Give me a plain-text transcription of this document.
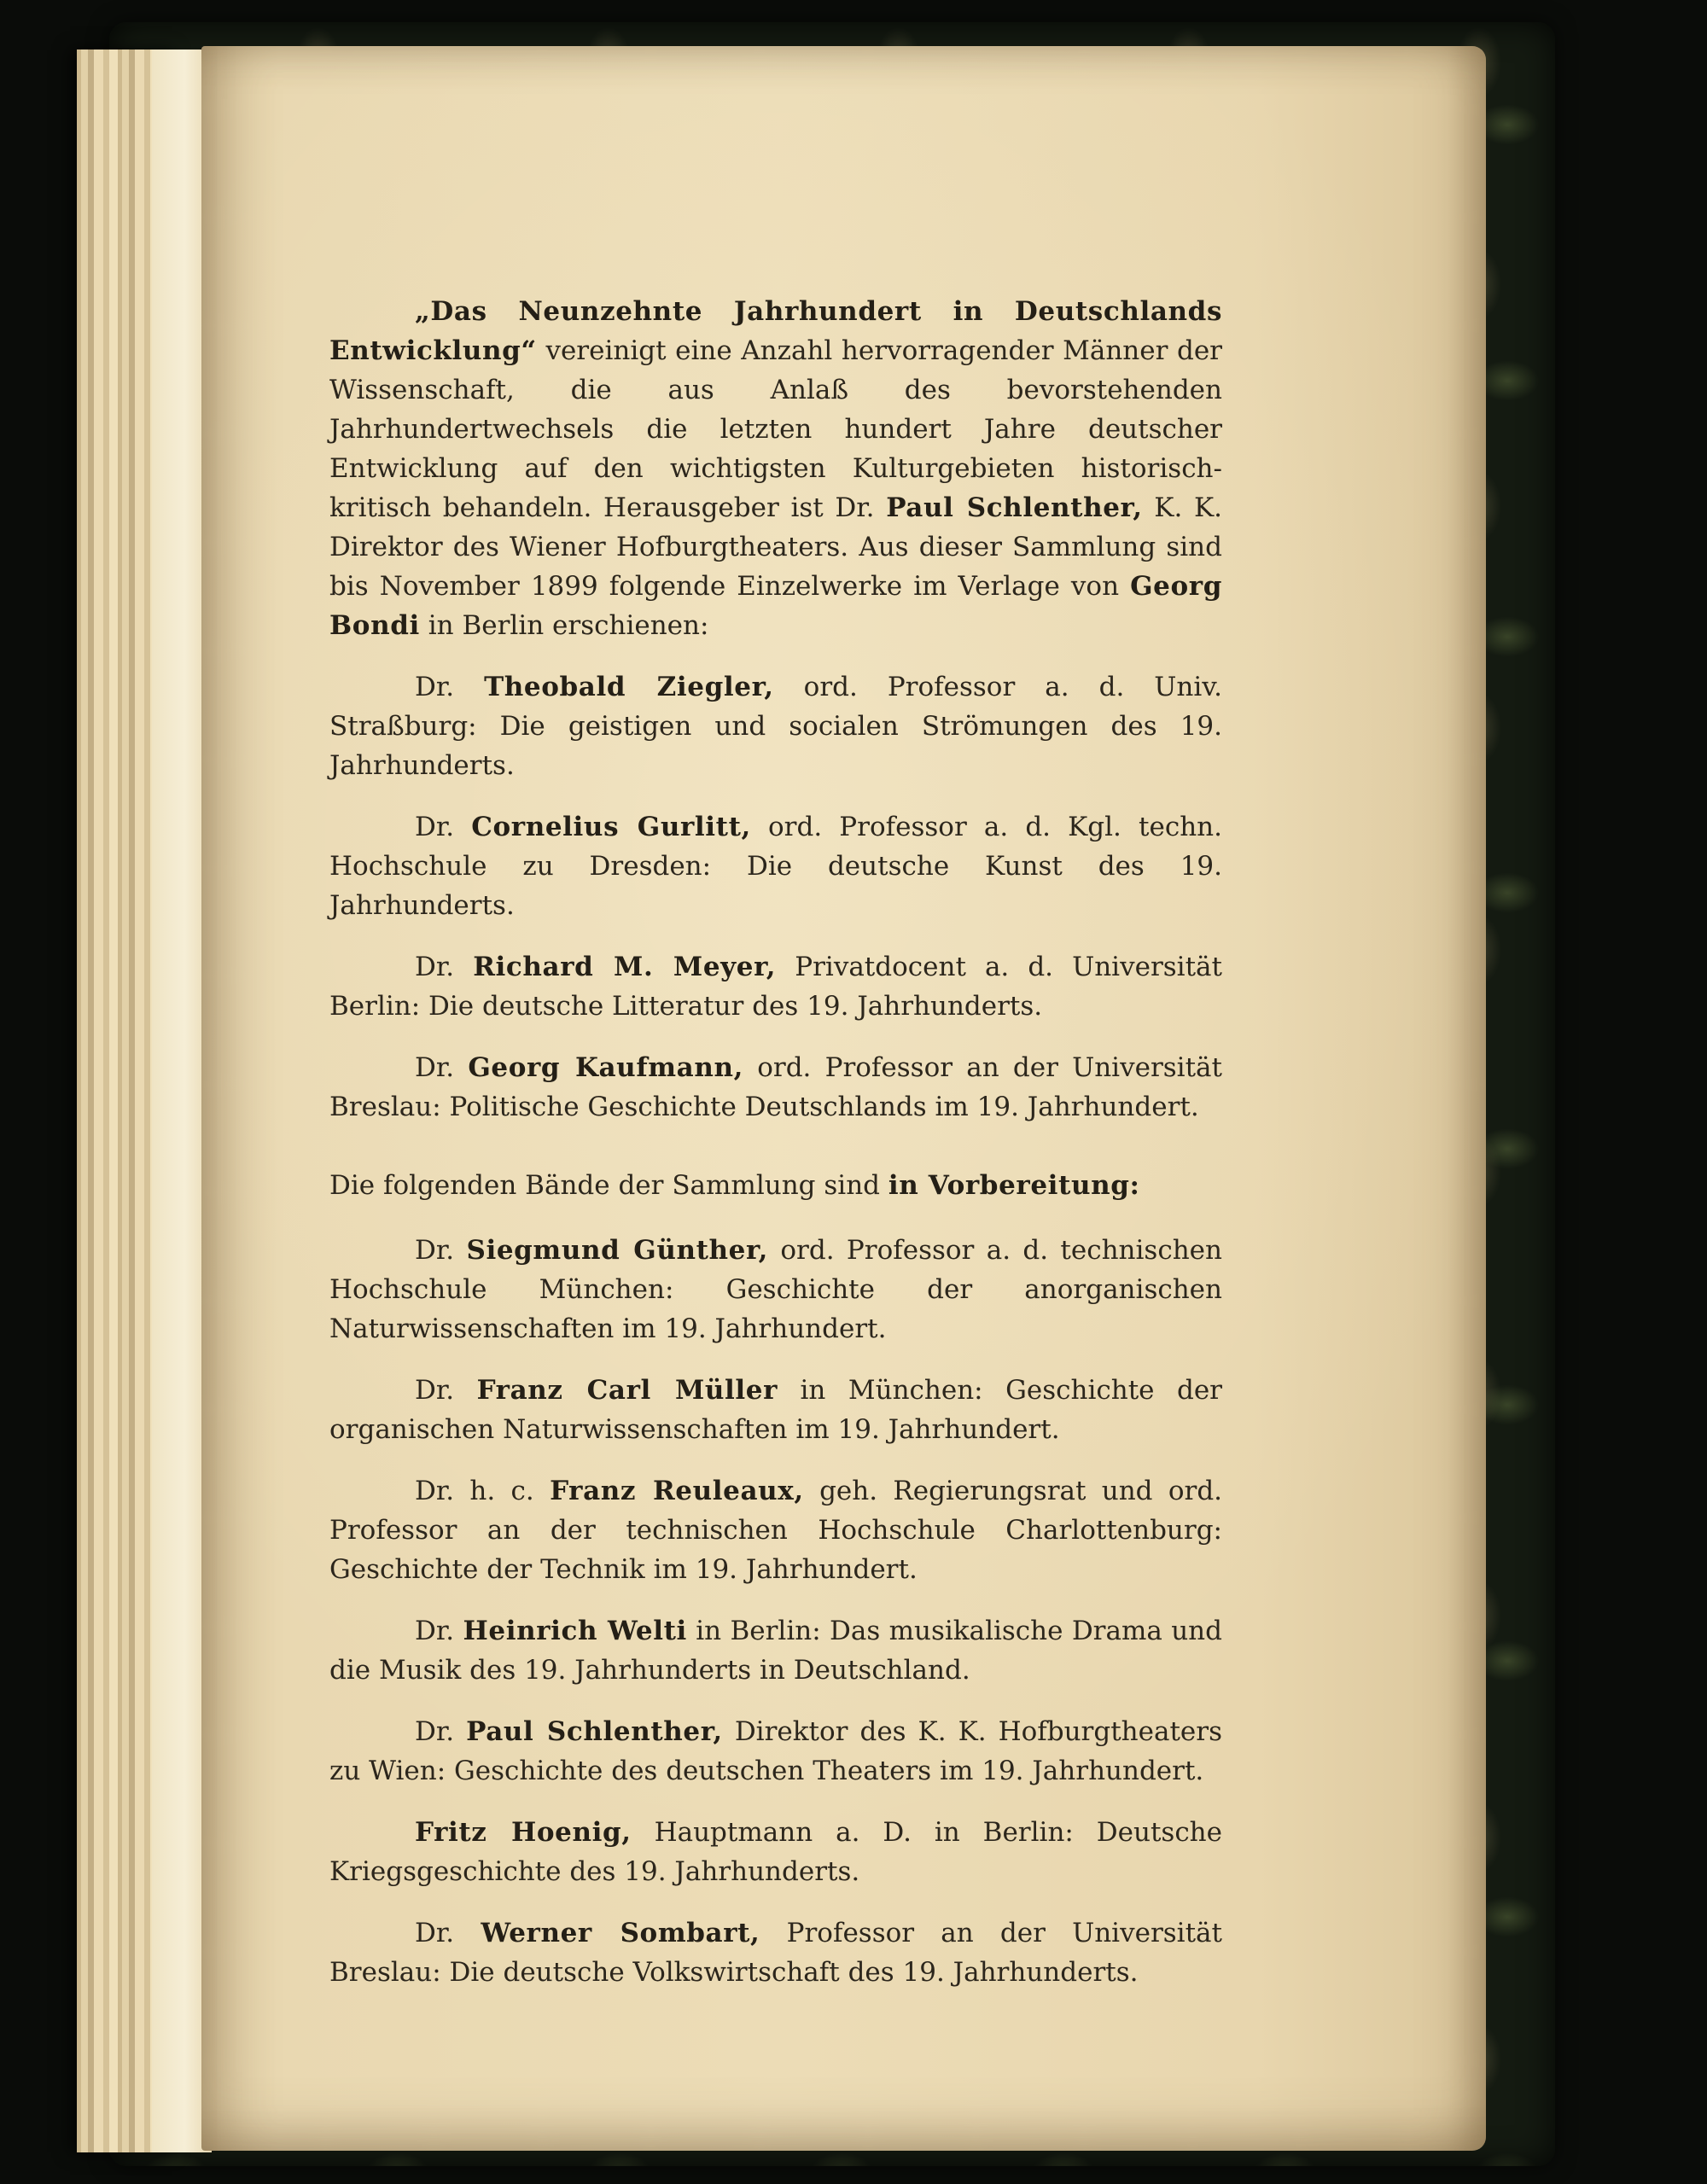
„Das Neunzehnte Jahrhundert in Deutschlands Entwicklung“ vereinigt eine Anzahl hervorragender Männer der Wissenschaft, die aus Anlaß des bevorstehenden Jahrhundertwechsels die letzten hundert Jahre deutscher Entwicklung auf den wichtigsten Kulturgebieten historisch-kritisch behandeln. Herausgeber ist Dr. Paul Schlenther, K. K. Direktor des Wiener Hofburgtheaters. Aus dieser Sammlung sind bis November 1899 folgende Einzelwerke im Verlage von Georg Bondi in Berlin erschienen:

Dr. Theobald Ziegler, ord. Professor a. d. Univ. Straßburg: Die geistigen und socialen Strömungen des 19. Jahrhunderts.

Dr. Cornelius Gurlitt, ord. Professor a. d. Kgl. techn. Hochschule zu Dresden: Die deutsche Kunst des 19. Jahrhunderts.

Dr. Richard M. Meyer, Privatdocent a. d. Universität Berlin: Die deutsche Litteratur des 19. Jahrhunderts.

Dr. Georg Kaufmann, ord. Professor an der Universität Breslau: Politische Geschichte Deutschlands im 19. Jahrhundert.

Die folgenden Bände der Sammlung sind in Vorbereitung:

Dr. Siegmund Günther, ord. Professor a. d. technischen Hochschule München: Geschichte der anorganischen Naturwissenschaften im 19. Jahrhundert.

Dr. Franz Carl Müller in München: Geschichte der organischen Naturwissenschaften im 19. Jahrhundert.

Dr. h. c. Franz Reuleaux, geh. Regierungsrat und ord. Professor an der technischen Hochschule Charlottenburg: Geschichte der Technik im 19. Jahrhundert.

Dr. Heinrich Welti in Berlin: Das musikalische Drama und die Musik des 19. Jahrhunderts in Deutschland.

Dr. Paul Schlenther, Direktor des K. K. Hofburgtheaters zu Wien: Geschichte des deutschen Theaters im 19. Jahrhundert.

Fritz Hoenig, Hauptmann a. D. in Berlin: Deutsche Kriegsgeschichte des 19. Jahrhunderts.

Dr. Werner Sombart, Professor an der Universität Breslau: Die deutsche Volkswirtschaft des 19. Jahrhunderts.
